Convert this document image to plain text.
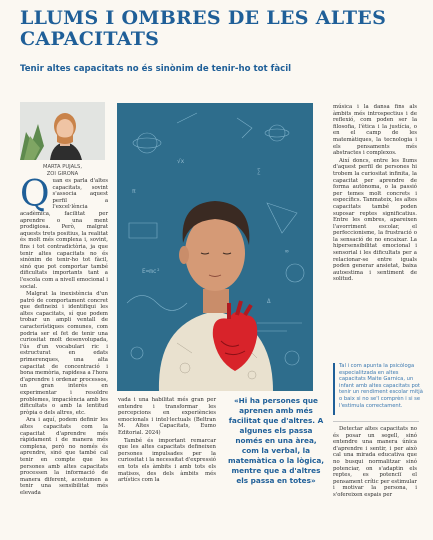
LLUMS I OMBRES DE LES ALTES CAPACITATS
Tenir altes capacitats no és sinònim de tenir-ho tot fàcil
MARTA PUJALS,
ZOI GIRONA
√x
∑
π
∞
E=mc²
Δ

Quan es parla d'altes capacitats, sovint s'associa aquest perfil a l'excel·lència acadèmica, facilitat per aprendre o una ment prodigiosa. Però, malgrat aquests trets positius, la realitat és molt més complexa i, sovint, fins i tot contradictòria, ja que tenir altes capacitats no és sinònim de tenir-ho tot fàcil, sinó que pot comportar també dificultats importants tant a l'escola com a nivell emocional i social.

Malgrat la inexistència d'un patró de comportament concret que defineixi i identifiqui les altes capacitats, sí que podem trobar un ampli ventall de característiques comunes, com podria ser el fet de tenir una curiositat molt desenvolupada, l'ús d'un vocabulari ric i estructurat en edats primerenques, una alta capacitat de concentració i bona memòria, rapidesa a l'hora d'aprendre i ordenar processos, un gran interès en experimentar i resoldre problemes, impaciència amb les dificultats o amb la lentitud pròpia o dels altres, etc.

Ara i aquí, podem definir les altes capacitats com la capacitat d'aprendre més ràpidament i de manera més complexa, però no només és aprendre, sinó que també cal tenir en compte que les persones amb altes capacitats processen la informació de manera diferent, acostumen a tenir una sensibilitat més elevada

vada i una habilitat més gran per entendre i transformar les percepcions en experiències emocionals i intel·lectuals (Beltran M. Altes Capacitats, Eumo Editorial. 2024)

També és important remarcar que les altes capacitats defineixen persones impulsades per la curiositat i la necessitat d'expressió en tots els àmbits i amb tots els matisos, des dels àmbits més artístics com la

«Hi ha persones que aprenen amb més facilitat que d'altres. A algunes els passa només en una àrea, com la verbal, la matemàtica o la lògica, mentre que a d'altres els passa en totes»

música i la dansa fins als àmbits més introspectius i de reflexió, com poden ser la filosofia, l'ètica i la justícia, o en el camp de les matemàtiques, la tecnologia i els pensaments més abstractes i complexos.

Així doncs, entre les llums d'aquest perfil de persones hi trobem la curiositat infinita, la capacitat per aprendre de forma autònoma, o la passió per temes molt concrets i específics. Tanmateix, les altes capacitats també poden suposar reptes significatius. Entre les ombres, apareixen l'avorriment escolar, el perfeccionisme, la frustració o la sensació de no encaixar. La hipersensibilitat emocional i sensorial i les dificultats per a relacionar-se entre iguals poden generar ansietat, baixa autoestima i sentiment de solitud.

Tal i com apunta la psicòloga especialitzada en altes capacitats Maite Garnica, un infant amb altes capacitats pot tenir un rendiment escolar mitjà o baix si no se'l comprèn i si se l'estimula correctament.

Detectar altes capacitats no és posar un segell, sinó entendre una manera única d'aprendre i sentir, i per això cal una mirada educativa que no busqui normalitzar sinó potenciar, on s'adaptin els reptes, es potenciï el pensament crític per estimular i motivar la persona, i s'ofereixen espais per
